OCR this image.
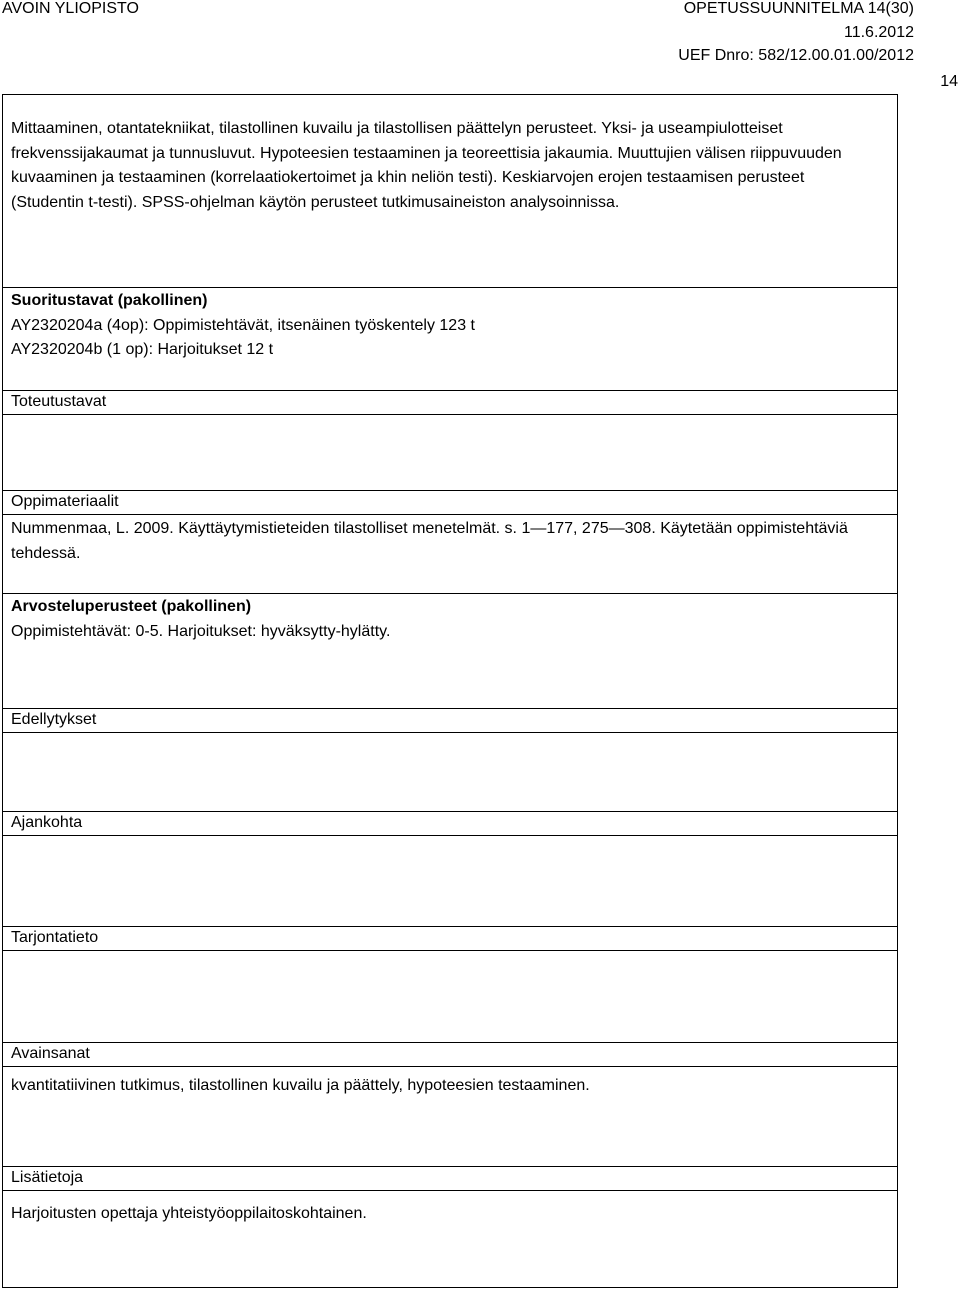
AVOIN YLIOPISTO	OPETUSSUUNNITELMA 14(30)
11.6.2012
UEF Dnro: 582/12.00.01.00/2012
14
Mittaaminen, otantatekniikat, tilastollinen kuvailu ja tilastollisen päättelyn perusteet. Yksi- ja useampiulotteiset frekvenssijakaumat ja tunnusluvut. Hypoteesien testaaminen ja teoreettisia jakaumia. Muuttujien välisen riippuvuuden kuvaaminen ja testaaminen (korrelaatiokertoimet ja khin neliön testi). Keskiarvojen erojen testaamisen perusteet (Studentin t-testi). SPSS-ohjelman käytön perusteet tutkimusaineiston analysoinnissa.
Suoritustavat (pakollinen)
AY2320204a (4op): Oppimistehtävät, itsenäinen työskentely 123 t
AY2320204b (1 op): Harjoitukset 12 t
Toteutustavat
Oppimateriaalit
Nummenmaa, L. 2009. Käyttäytymistieteiden tilastolliset menetelmät. s. 1—177, 275—308. Käytetään oppimistehtäviä tehdessä.
Arvosteluperusteet (pakollinen)
Oppimistehtävät: 0-5. Harjoitukset: hyväksytty-hylätty.
Edellytykset
Ajankohta
Tarjontatieto
Avainsanat
kvantitatiivinen tutkimus, tilastollinen kuvailu ja päättely, hypoteesien testaaminen.
Lisätietoja
Harjoitusten opettaja yhteistyöoppilaitoskohtainen.
